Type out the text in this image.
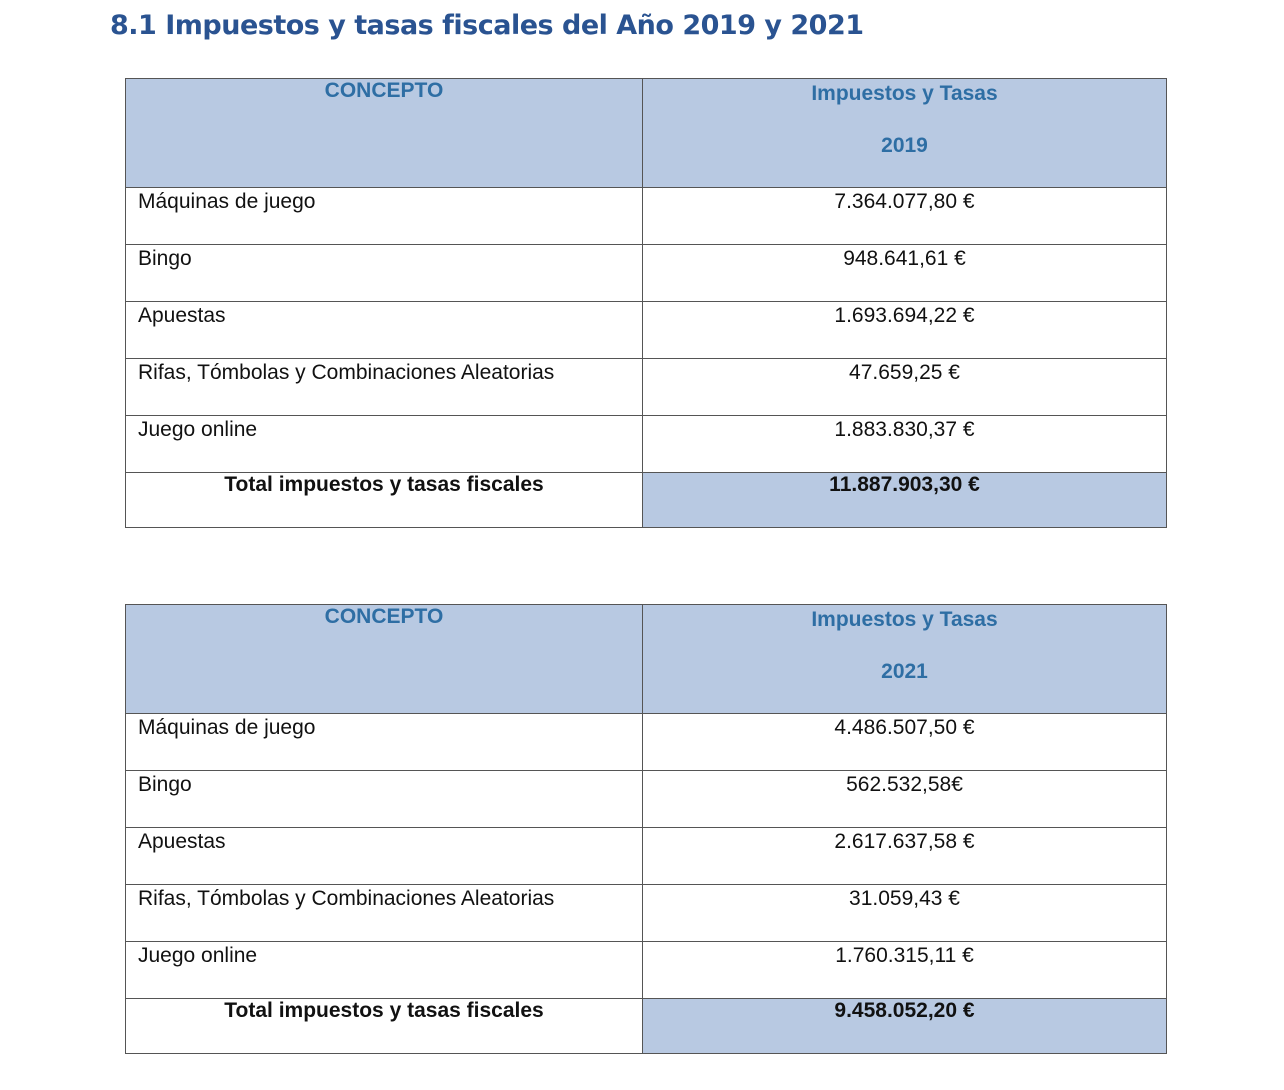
8.1 Impuestos y tasas fiscales del Año 2019 y 2021
CONCEPTO	Impuestos y Tasas
2019

Máquinas de juego	7.364.077,80 €
Bingo	948.641,61 €
Apuestas	1.693.694,22 €
Rifas, Tómbolas y Combinaciones Aleatorias	47.659,25 €
Juego online	1.883.830,37 €
Total impuestos y tasas fiscales	11.887.903,30 €
CONCEPTO	Impuestos y Tasas
2021

Máquinas de juego	4.486.507,50 €
Bingo	562.532,58€
Apuestas	2.617.637,58 €
Rifas, Tómbolas y Combinaciones Aleatorias	31.059,43 €
Juego online	1.760.315,11 €
Total impuestos y tasas fiscales	9.458.052,20 €
